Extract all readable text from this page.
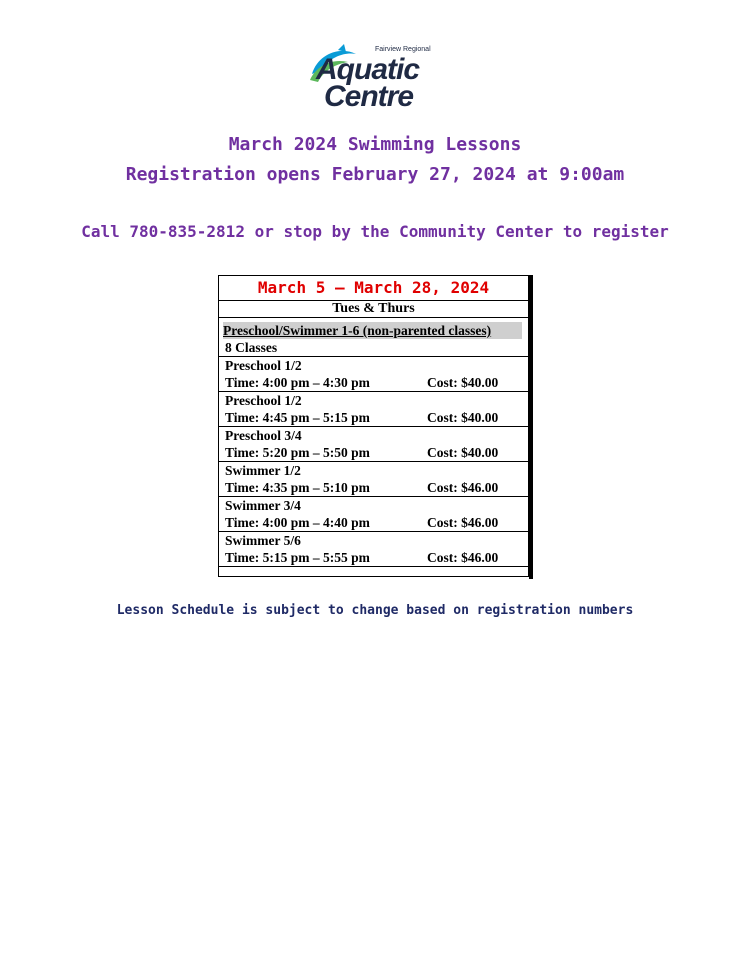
Fairview Regional
Aquatic
Centre
March 2024 Swimming Lessons
Registration opens February 27, 2024 at 9:00am
Call 780-835-2812 or stop by the Community Center to register
March 5 – March 28, 2024
Tues & Thurs
Preschool/Swimmer 1-6 (non-parented classes)
8 Classes
Preschool 1/2
Time: 4:00 pm – 4:30 pm	Cost: $40.00
Preschool 1/2
Time: 4:45 pm – 5:15 pm	Cost: $40.00
Preschool 3/4
Time: 5:20 pm – 5:50 pm	Cost: $40.00
Swimmer 1/2
Time: 4:35 pm – 5:10 pm	Cost: $46.00
Swimmer 3/4
Time: 4:00 pm – 4:40 pm	Cost: $46.00
Swimmer 5/6
Time: 5:15 pm – 5:55 pm	Cost: $46.00
Lesson Schedule is subject to change based on registration numbers
